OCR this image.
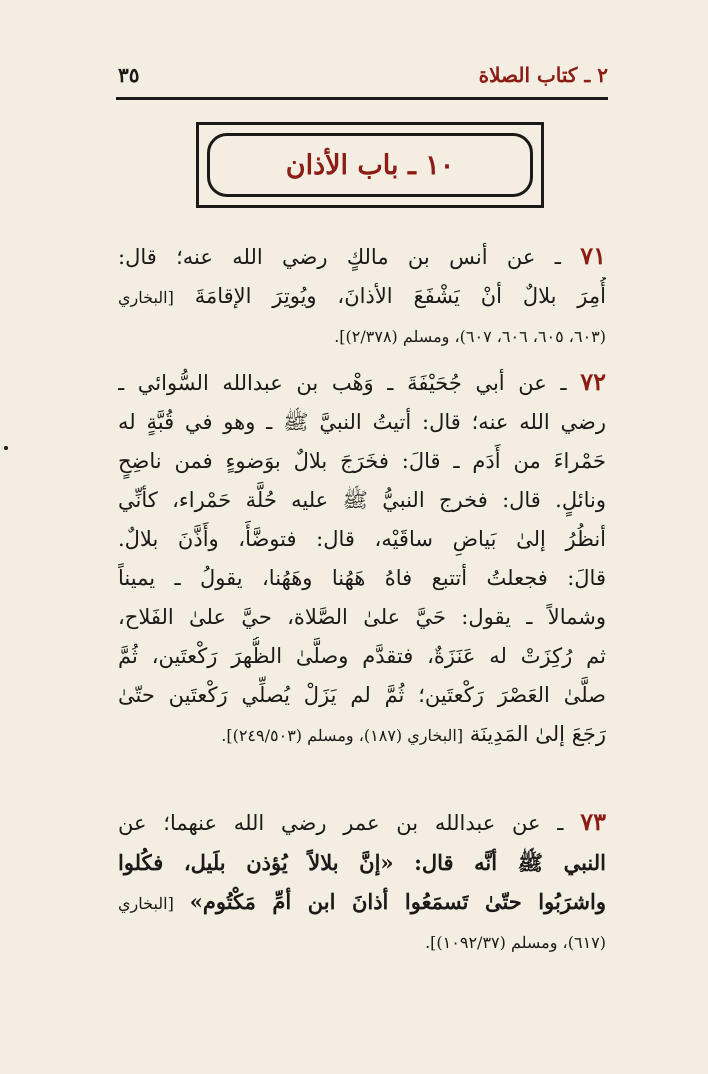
٢ ـ كتاب الصلاة
٣٥
١٠ ـ باب الأذان
٧١ ـ عن أنس بن مالكٍ رضي الله عنه؛ قال:
أُمِرَ بلالٌ أنْ يَشْفَعَ الأذانَ، ويُوتِرَ الإقامَةَ [البخاري
(٦٠٣، ٦٠٥، ٦٠٦، ٦٠٧)، ومسلم (٢/٣٧٨)].
٧٢ ـ عن أبي جُحَيْفَةَ ـ وَهْب بن عبدالله السُّوائي ـ
رضي الله عنه؛ قال: أتيتُ النبيَّ ﷺ ـ وهو في قُبَّةٍ له
حَمْراءَ من أَدَم ـ قالَ: فخَرَجَ بلالٌ بوَضوءٍ فمن ناضِحٍ
ونائلٍ. قال: فخرج النبيُّ ﷺ عليه حُلَّة حَمْراء، كأنِّي
أنظُرُ إلىٰ بَياضِ ساقَيْه، قال: فتوضَّأَ، وأَذَّنَ بلالٌ.
قالَ: فجعلتُ أتتبع فاهُ هَهُنا وهَهُنا، يقولُ ـ يميناً
وشمالاً ـ يقول: حَيَّ علىٰ الصَّلاة، حيَّ علىٰ الفَلاح،
ثم رُكِزَتْ له عَنَزَةٌ، فتقدَّم وصلَّىٰ الظُّهرَ رَكْعتَين، ثُمَّ
صلَّىٰ العَصْرَ رَكْعتَين؛ ثُمَّ لم يَزَلْ يُصلِّي رَكْعتَين حتّىٰ
رَجَعَ إلىٰ المَدِينَة [البخاري (١٨٧)، ومسلم (٢٤٩/٥٠٣)].
٧٣ ـ عن عبدالله بن عمر رضي الله عنهما؛ عن
النبي ﷺ أنَّه قال: «إنَّ بلالاً يُؤذن بلَيل، فكُلوا
واشرَبُوا حتّىٰ تَسمَعُوا أذانَ ابن أمِّ مَكْتُوم» [البخاري
(٦١٧)، ومسلم (١٠٩٢/٣٧)].
